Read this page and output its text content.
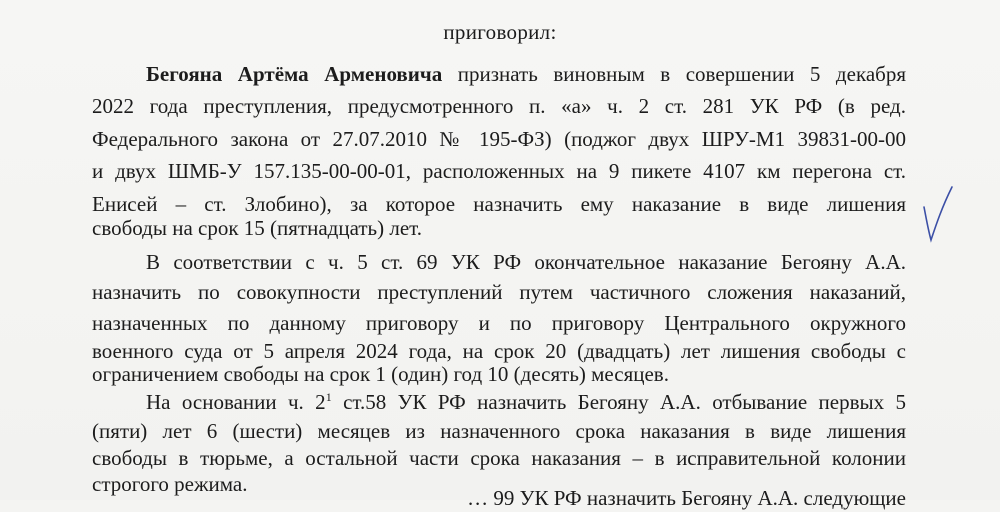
приговорил:
Бегояна Артёма Арменовича признать виновным в совершении 5 декабря
2022 года преступления, предусмотренного п. «а» ч. 2 ст. 281 УК РФ (в ред.
Федерального закона от 27.07.2010 № 195-ФЗ) (поджог двух ШРУ-М1 39831-00-00
и двух ШМБ-У 157.135-00-00-01, расположенных на 9 пикете 4107 км перегона ст.
Енисей – ст. Злобино), за которое назначить ему наказание в виде лишения
свободы на срок 15 (пятнадцать) лет.
В соответствии с ч. 5 ст. 69 УК РФ окончательное наказание Бегояну А.А.
назначить по совокупности преступлений путем частичного сложения наказаний,
назначенных по данному приговору и по приговору Центрального окружного
военного суда от 5 апреля 2024 года, на срок 20 (двадцать) лет лишения свободы с
ограничением свободы на срок 1 (один) год 10 (десять) месяцев.
На основании ч. $2^1$ ст.58 УК РФ назначить Бегояну А.А. отбывание первых 5
(пяти) лет 6 (шести) месяцев из назначенного срока наказания в виде лишения
свободы в тюрьме, а остальной части срока наказания – в исправительной колонии
строгого режима.
… 99 УК РФ назначить Бегояну А.А. следующие
